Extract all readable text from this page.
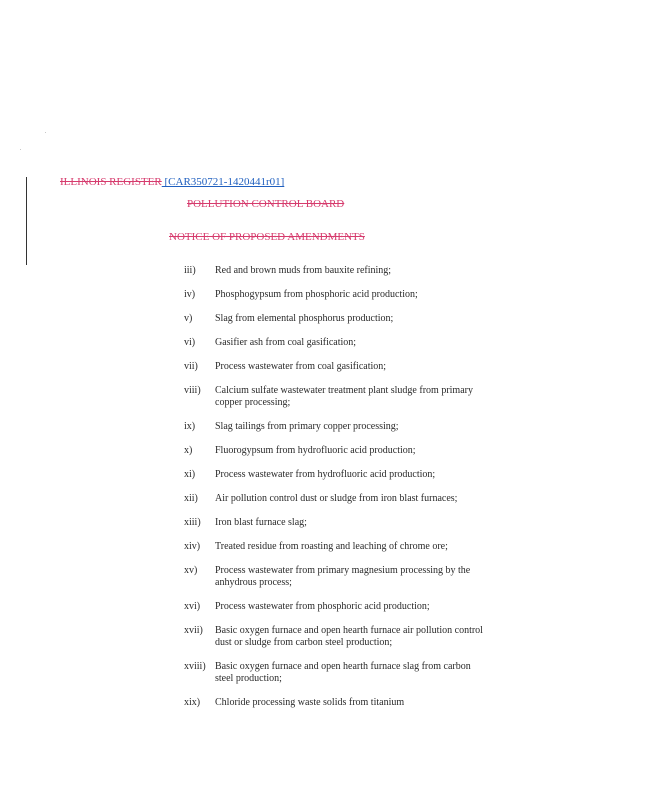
ILLINOIS REGISTER [CAR350721-1420441r01]
POLLUTION CONTROL BOARD
NOTICE OF PROPOSED AMENDMENTS
iii)	Red and brown muds from bauxite refining;
iv)	Phosphogypsum from phosphoric acid production;
v)	Slag from elemental phosphorus production;
vi)	Gasifier ash from coal gasification;
vii)	Process wastewater from coal gasification;
viii)	Calcium sulfate wastewater treatment plant sludge from primary copper processing;
ix)	Slag tailings from primary copper processing;
x)	Fluorogypsum from hydrofluoric acid production;
xi)	Process wastewater from hydrofluoric acid production;
xii)	Air pollution control dust or sludge from iron blast furnaces;
xiii)	Iron blast furnace slag;
xiv)	Treated residue from roasting and leaching of chrome ore;
xv)	Process wastewater from primary magnesium processing by the anhydrous process;
xvi)	Process wastewater from phosphoric acid production;
xvii)	Basic oxygen furnace and open hearth furnace air pollution control dust or sludge from carbon steel production;
xviii) Basic oxygen furnace and open hearth furnace slag from carbon steel production;
xix)	Chloride processing waste solids from titanium
